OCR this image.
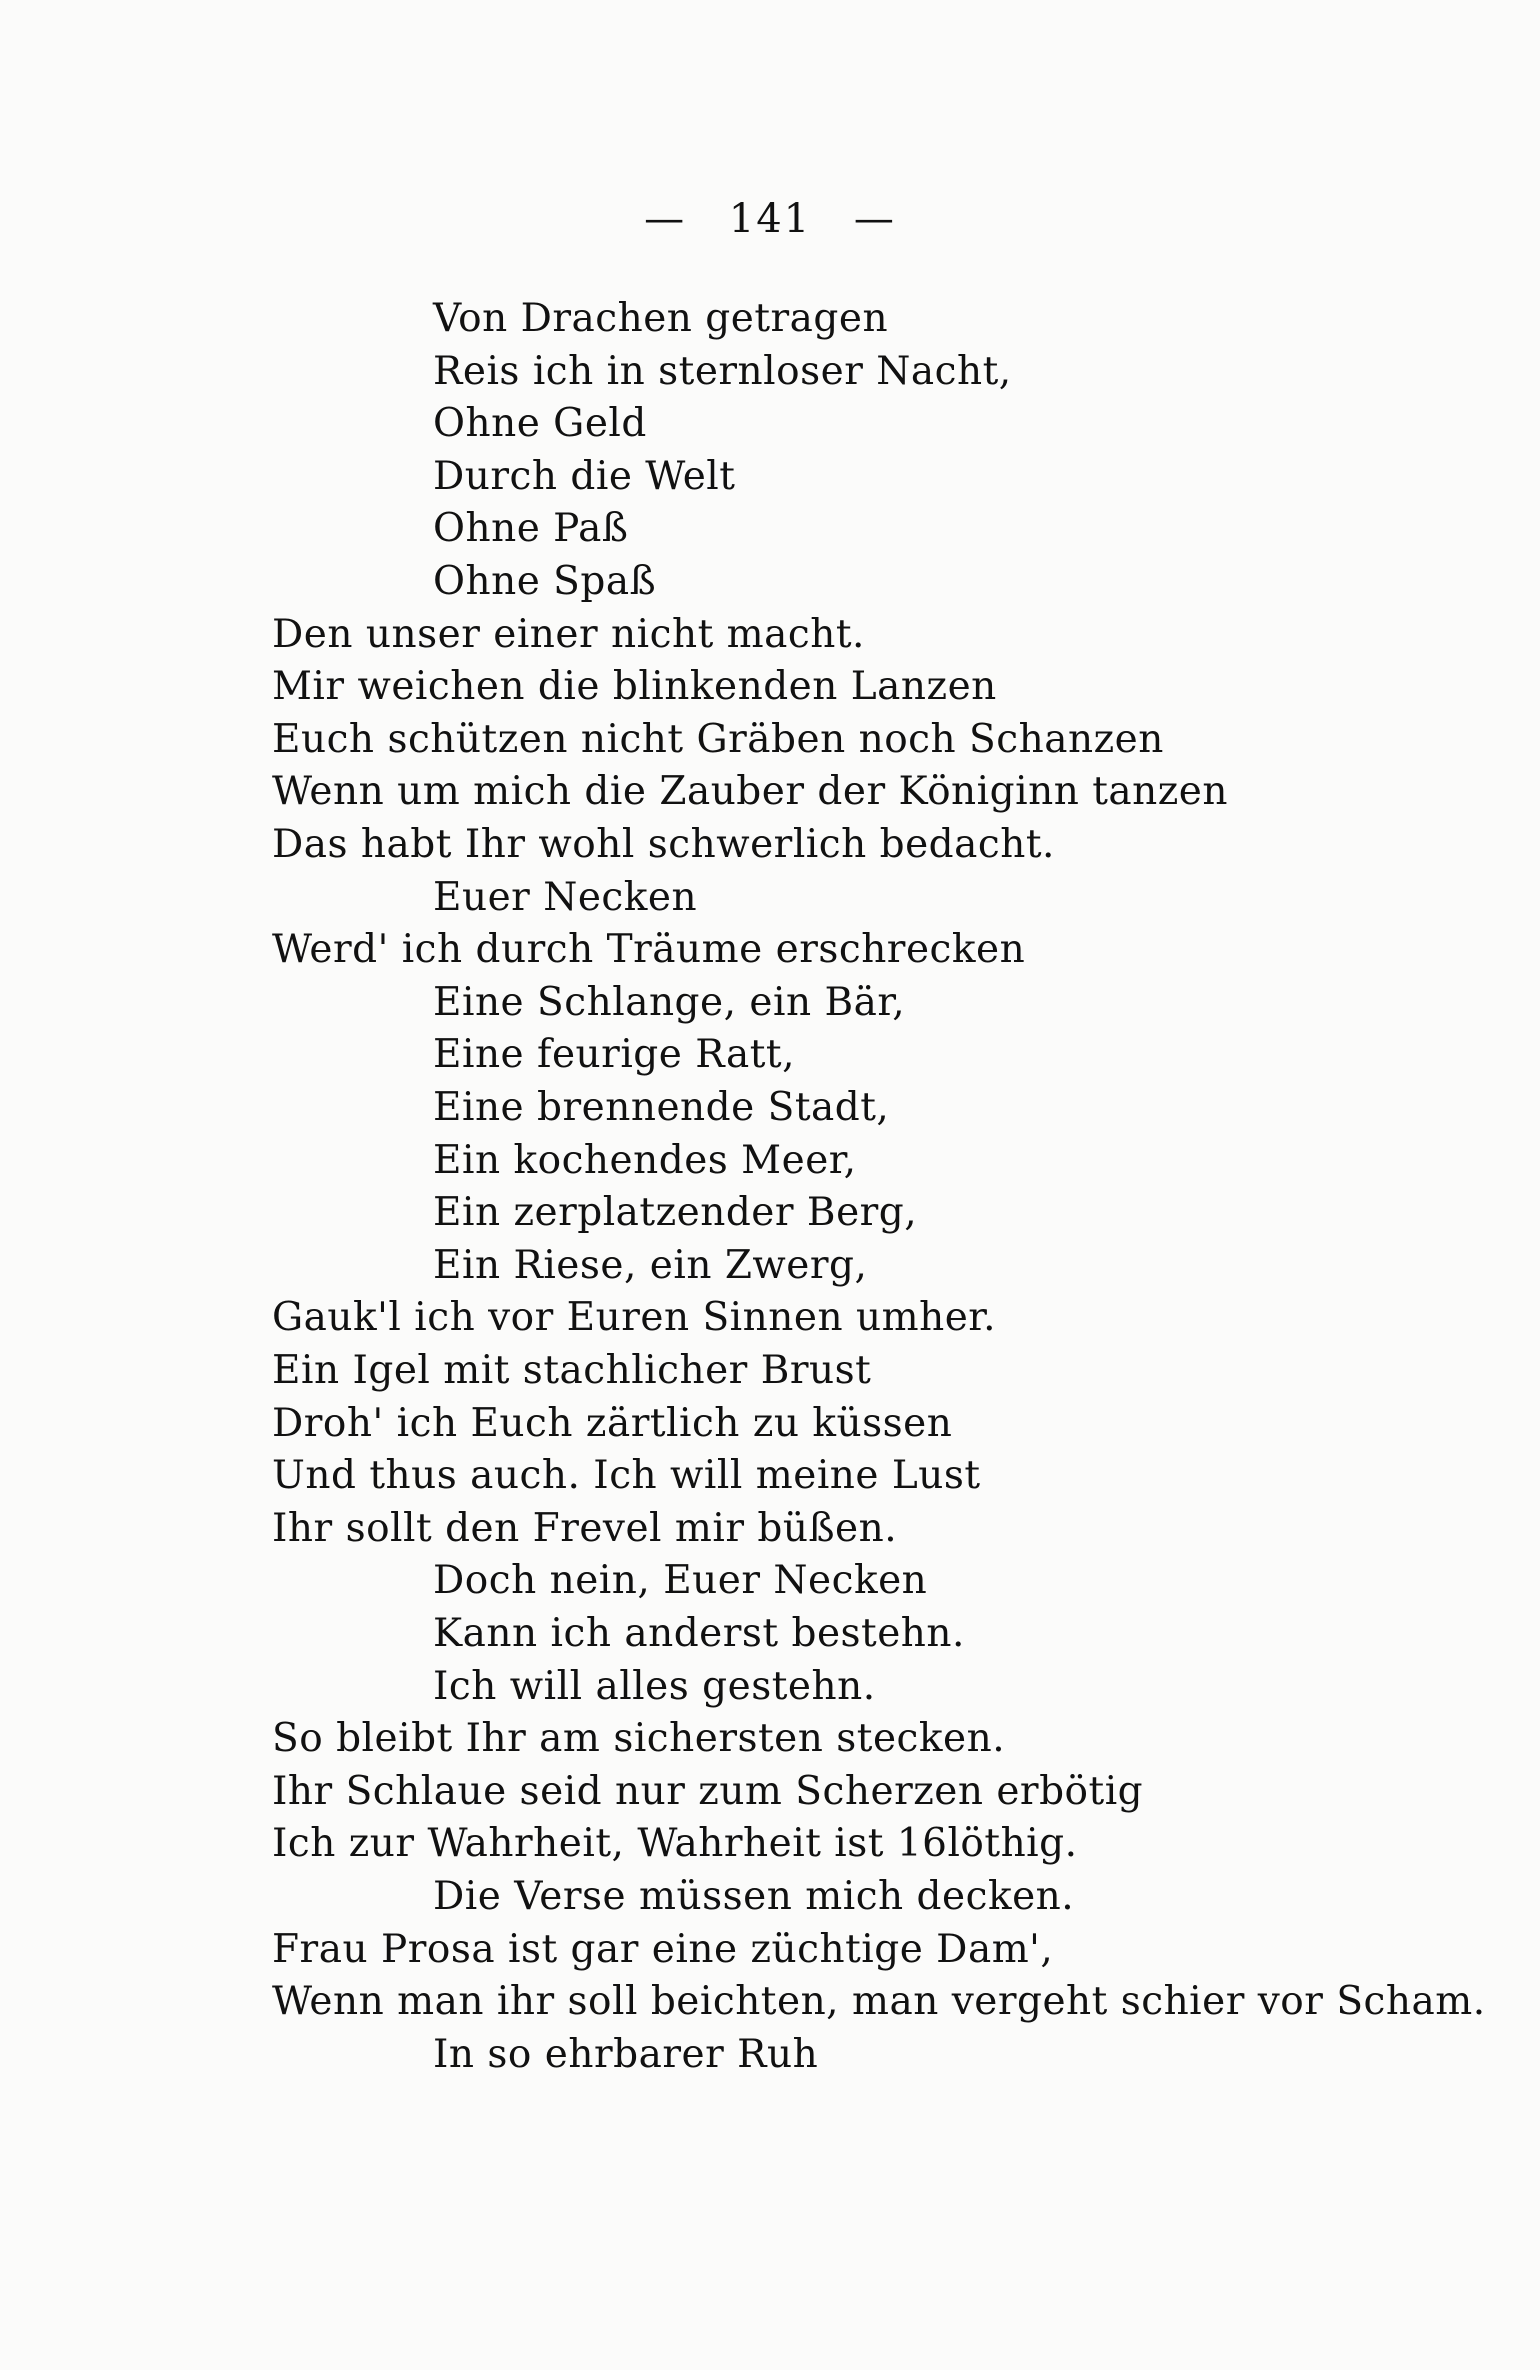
— 141 —
Von Drachen getragen
Reis ich in sternloser Nacht,
Ohne Geld
Durch die Welt
Ohne Paß
Ohne Spaß
Den unser einer nicht macht.
Mir weichen die blinkenden Lanzen
Euch schützen nicht Gräben noch Schanzen
Wenn um mich die Zauber der Königinn tanzen
Das habt Ihr wohl schwerlich bedacht.
Euer Necken
Werd' ich durch Träume erschrecken
Eine Schlange, ein Bär,
Eine feurige Ratt,
Eine brennende Stadt,
Ein kochendes Meer,
Ein zerplatzender Berg,
Ein Riese, ein Zwerg,
Gauk'l ich vor Euren Sinnen umher.
Ein Igel mit stachlicher Brust
Droh' ich Euch zärtlich zu küssen
Und thus auch. Ich will meine Lust
Ihr sollt den Frevel mir büßen.
Doch nein, Euer Necken
Kann ich anderst bestehn.
Ich will alles gestehn.
So bleibt Ihr am sichersten stecken.
Ihr Schlaue seid nur zum Scherzen erbötig
Ich zur Wahrheit, Wahrheit ist 16löthig.
Die Verse müssen mich decken.
Frau Prosa ist gar eine züchtige Dam',
Wenn man ihr soll beichten, man vergeht schier vor Scham.
In so ehrbarer Ruh
